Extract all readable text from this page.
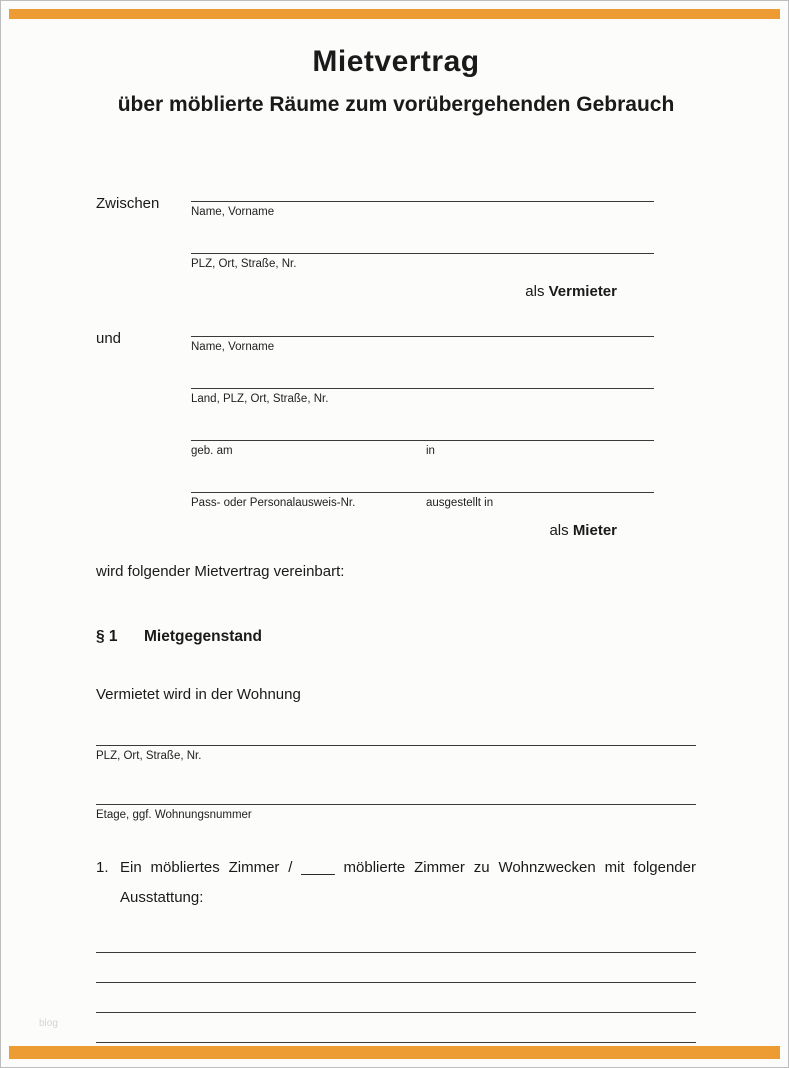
Mietvertrag
über möblierte Räume zum vorübergehenden Gebrauch
Zwischen	Name, Vorname
PLZ, Ort, Straße, Nr.
als Vermieter
und	Name, Vorname
Land, PLZ, Ort, Straße, Nr.
geb. am	in
Pass- oder Personalausweis-Nr.	ausgestellt in
als Mieter
wird folgender Mietvertrag vereinbart:
§ 1	Mietgegenstand
Vermietet wird in der Wohnung
PLZ, Ort, Straße, Nr.
Etage, ggf. Wohnungsnummer
1. Ein möbliertes Zimmer / ____ möblierte Zimmer zu Wohnzwecken mit folgender
Ausstattung:
blog
